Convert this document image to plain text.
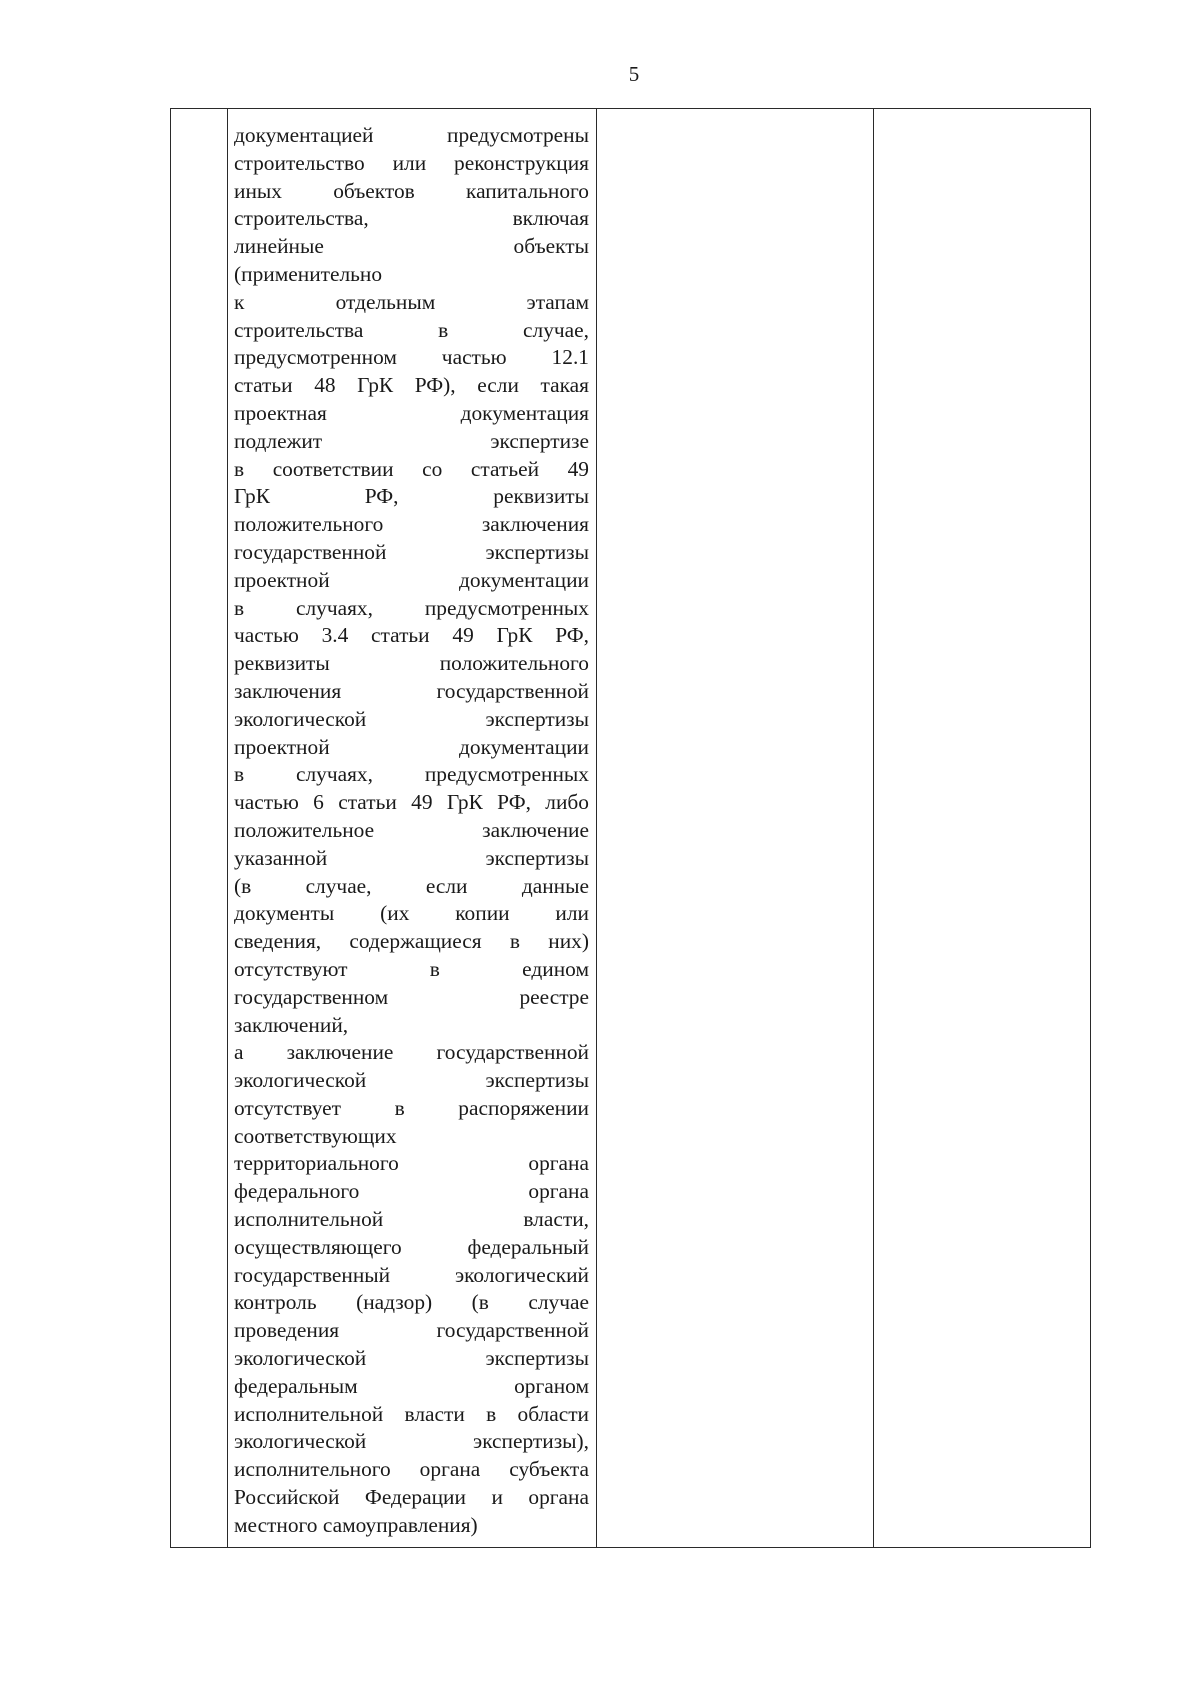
5

документацией предусмотрены
строительство или реконструкция
иных объектов капитального
строительства, включая
линейные объекты
(применительно
к отдельным этапам
строительства в случае,
предусмотренном частью 12.1
статьи 48 ГрК РФ), если такая
проектная документация
подлежит экспертизе
в соответствии со статьей 49
ГрК РФ, реквизиты
положительного заключения
государственной экспертизы
проектной документации
в случаях, предусмотренных
частью 3.4 статьи 49 ГрК РФ,
реквизиты положительного
заключения государственной
экологической экспертизы
проектной документации
в случаях, предусмотренных
частью 6 статьи 49 ГрК РФ, либо
положительное заключение
указанной экспертизы
(в случае, если данные
документы (их копии или
сведения, содержащиеся в них)
отсутствуют в едином
государственном реестре
заключений,
а заключение государственной
экологической экспертизы
отсутствует в распоряжении
соответствующих
территориального органа
федерального органа
исполнительной власти,
осуществляющего федеральный
государственный экологический
контроль (надзор) (в случае
проведения государственной
экологической экспертизы
федеральным органом
исполнительной власти в области
экологической экспертизы),
исполнительного органа субъекта
Российской Федерации и органа
местного самоуправления)
